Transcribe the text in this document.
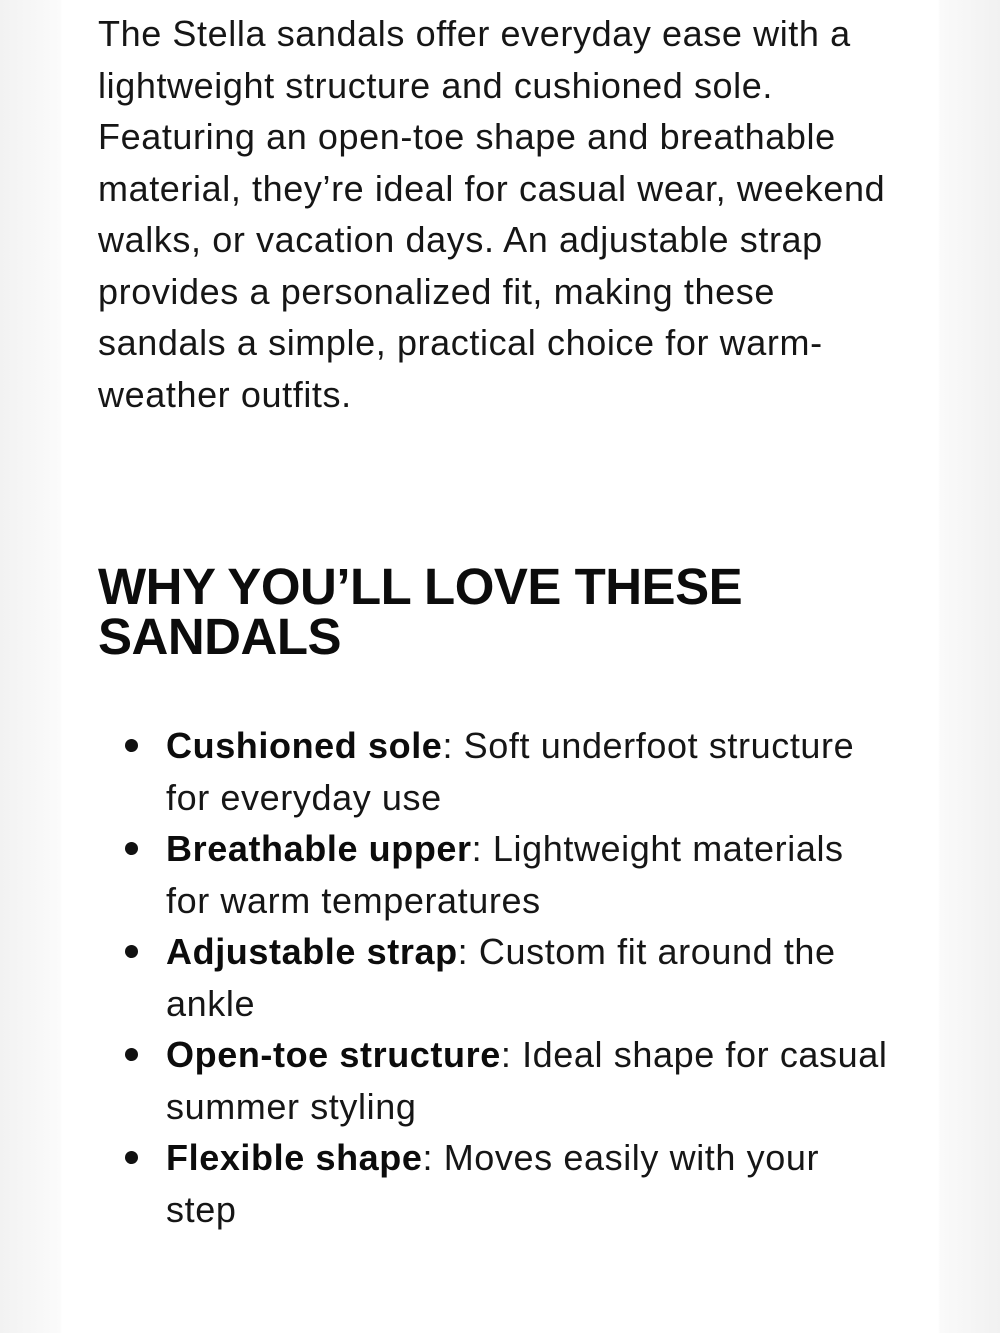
The Stella sandals offer everyday ease with a lightweight structure and cushioned sole. Featuring an open-toe shape and breathable material, they’re ideal for casual wear, weekend walks, or vacation days. An adjustable strap provides a personalized fit, making these sandals a simple, practical choice for warm-weather outfits.

WHY YOU’LL LOVE THESE SANDALS
Cushioned sole: Soft underfoot structure for everyday use
Breathable upper: Lightweight materials for warm temperatures
Adjustable strap: Custom fit around the ankle
Open-toe structure: Ideal shape for casual summer styling
Flexible shape: Moves easily with your step
